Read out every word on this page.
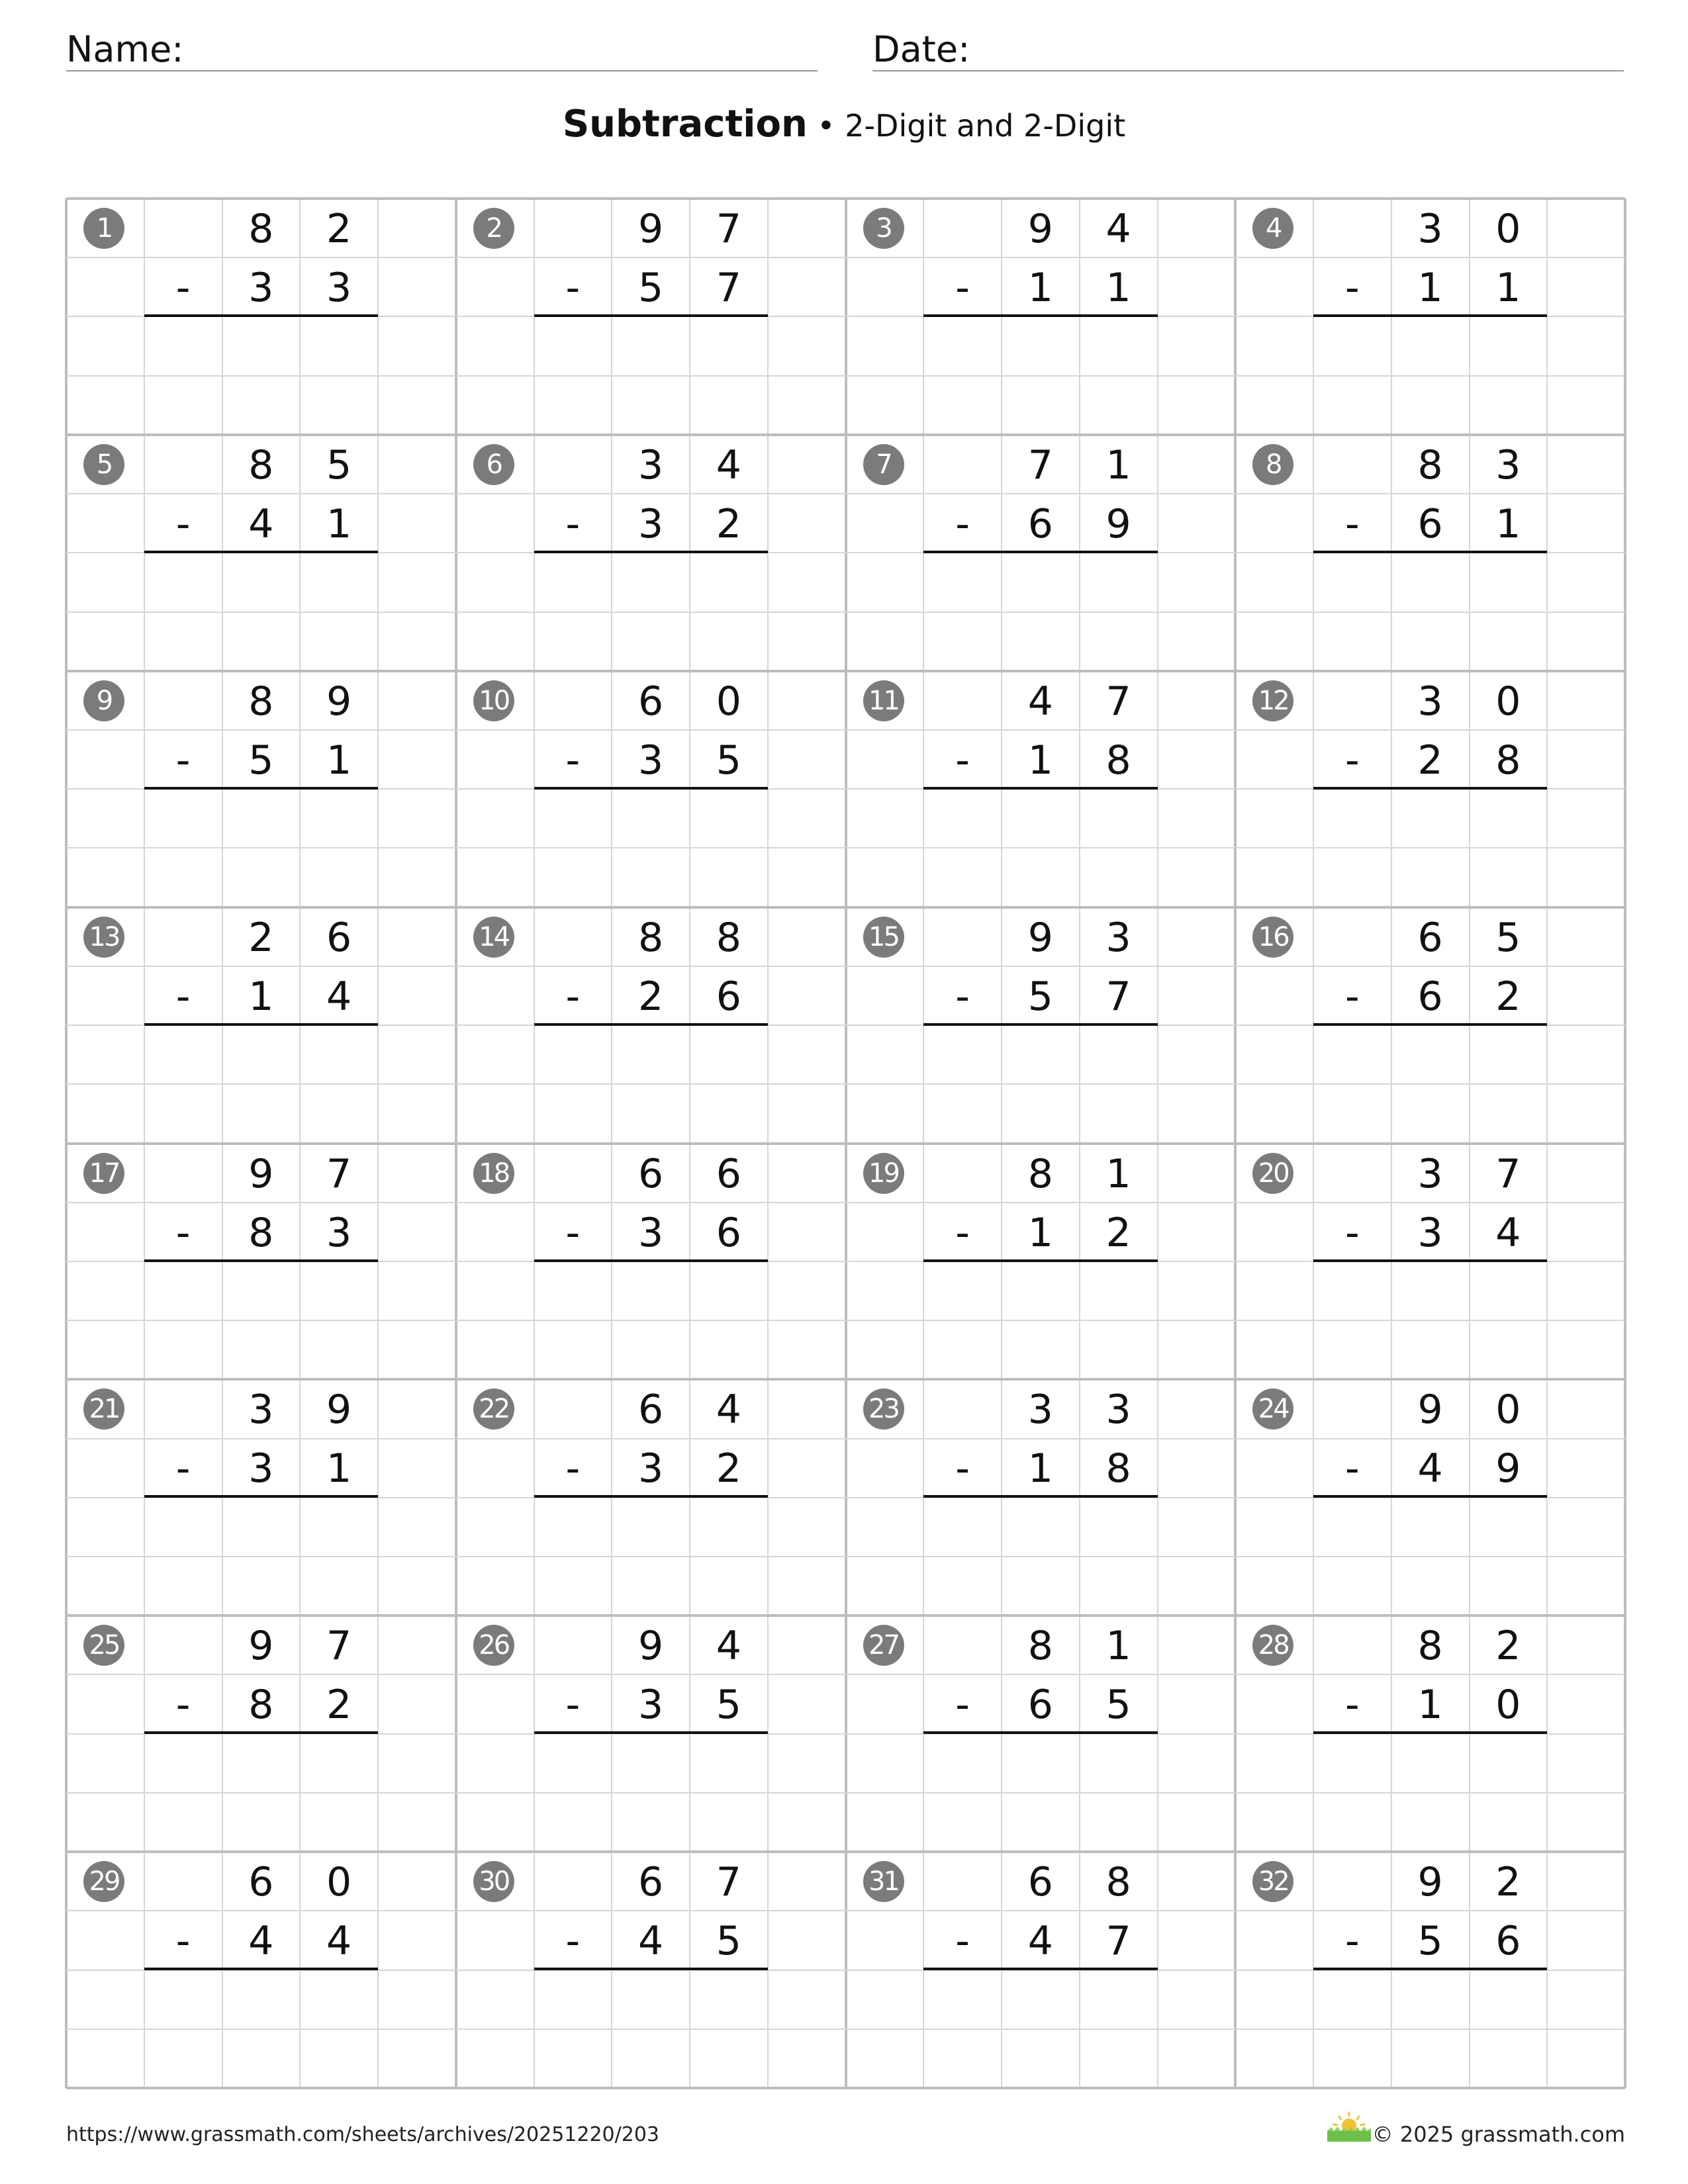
Name:	Date:
Subtraction • 2-Digit and 2-Digit
1	8	2
3	3
-
2	9	7
5	7
-
3	9	4
1	1
-
4	3	0
1	1
-
5	8	5
4	1
-
6	3	4
3	2
-
7	7	1
6	9
-
8	8	3
6	1
-
9	8	9
5	1
-
10	6	0
3	5
-
11	4	7
1	8
-
12	3	0
2	8
-
13	2	6
1	4
-
14	8	8
2	6
-
15	9	3
5	7
-
16	6	5
6	2
-
17	9	7
8	3
-
18	6	6
3	6
-
19	8	1
1	2
-
20	3	7
3	4
-
21	3	9
3	1
-
22	6	4
3	2
-
23	3	3
1	8
-
24	9	0
4	9
-
25	9	7
8	2
-
26	9	4
3	5
-
27	8	1
6	5
-
28	8	2
1	0
-
29	6	0
4	4
-
30	6	7
4	5
-
31	6	8
4	7
-
32	9	2
5	6
-
https://www.grassmath.com/sheets/archives/20251220/203	© 2025 grassmath.com
